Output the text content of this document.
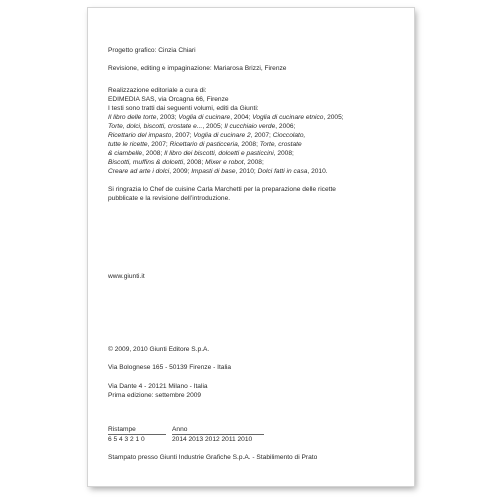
Progetto grafico: Cinzia Chiari

Revisione, editing e impaginazione: Mariarosa Brizzi, Firenze

Realizzazione editoriale a cura di:

EDIMEDIA SAS, via Orcagna 66, Firenze

I testi sono tratti dai seguenti volumi, editi da Giunti:

Il libro delle torte, 2003; Voglia di cucinare, 2004; Voglia di cucinare etnico, 2005;

Torte, dolci, biscotti, crostate e..., 2005; Il cucchiaio verde, 2006;

Ricettario del impasto, 2007; Voglia di cucinare 2, 2007; Cioccolato,

tutte le ricette, 2007; Ricettario di pasticceria, 2008; Torte, crostate

& ciambelle, 2008; Il libro dei biscotti, dolcetti e pasticcini, 2008;

Biscotti, muffins & dolcetti, 2008; Mixer e robot, 2008;

Creare ad arte i dolci, 2009; Impasti di base, 2010; Dolci fatti in casa, 2010.

Si ringrazia lo Chef de cuisine Carla Marchetti per la preparazione delle ricette

pubblicate e la revisione dell’introduzione.

www.giunti.it

© 2009, 2010 Giunti Editore S.p.A.

Via Bolognese 165 - 50139 Firenze - Italia

Via Dante 4 - 20121 Milano - Italia

Prima edizione: settembre 2009

Ristampe	Anno
6 5 4 3 2 1 0	2014 2013 2012 2011 2010

Stampato presso Giunti Industrie Grafiche S.p.A. - Stabilimento di Prato
